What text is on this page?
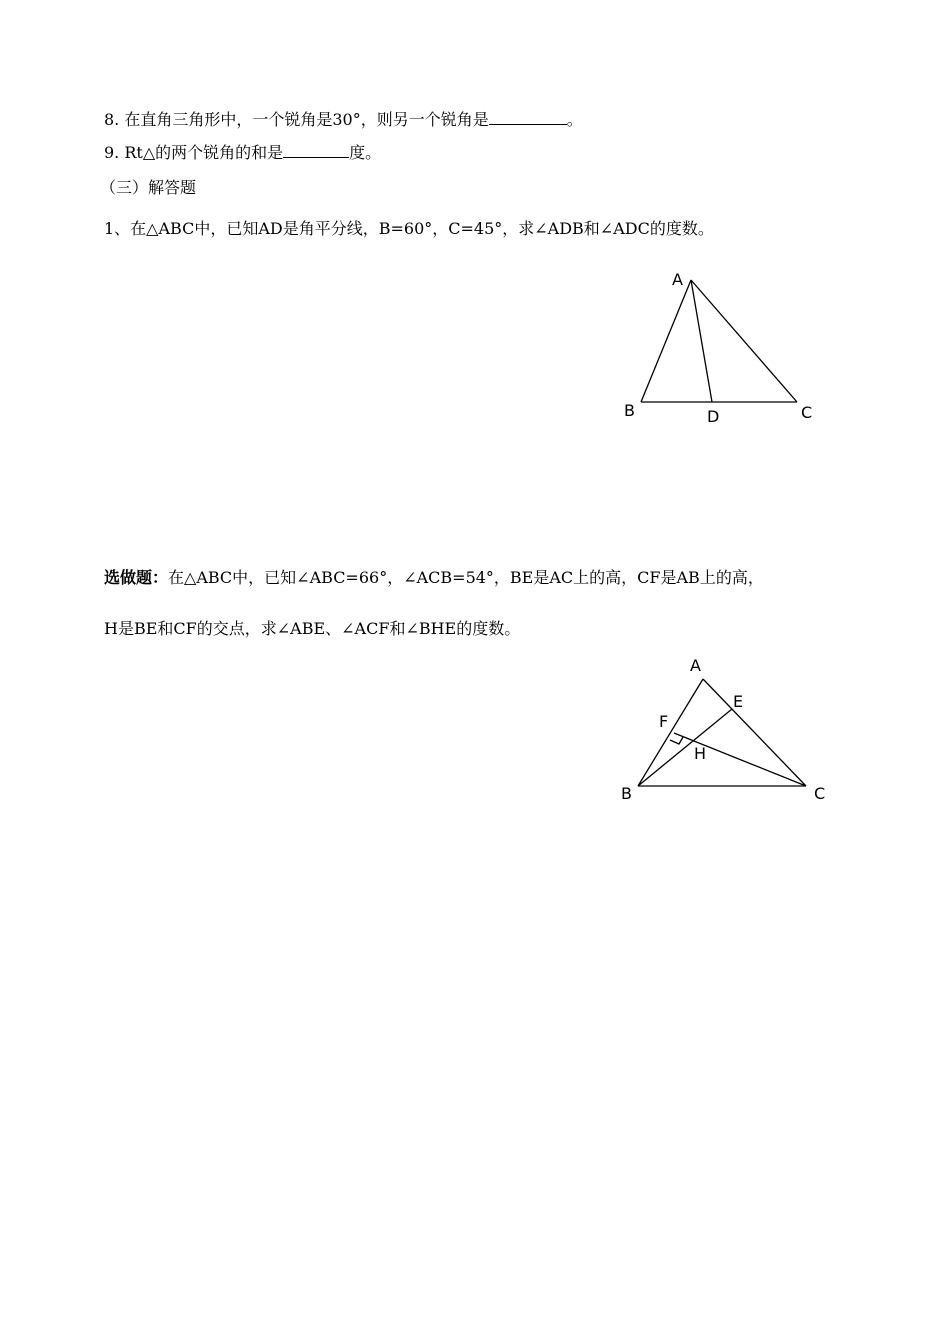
8. 在直角三角形中，一个锐角是30°，则另一个锐角是	。
9. Rt△的两个锐角的和是	度。
（三）解答题
1、在△ABC中，已知AD是角平分线，B=60°，C=45°，求∠ADB和∠ADC的度数。
A
B	D	C
选做题：在△ABC中，已知∠ABC=66°，∠ACB=54°，BE是AC上的高，CF是AB上的高，
H是BE和CF的交点，求∠ABE、∠ACF和∠BHE的度数。
A
E
F
H
B	C
